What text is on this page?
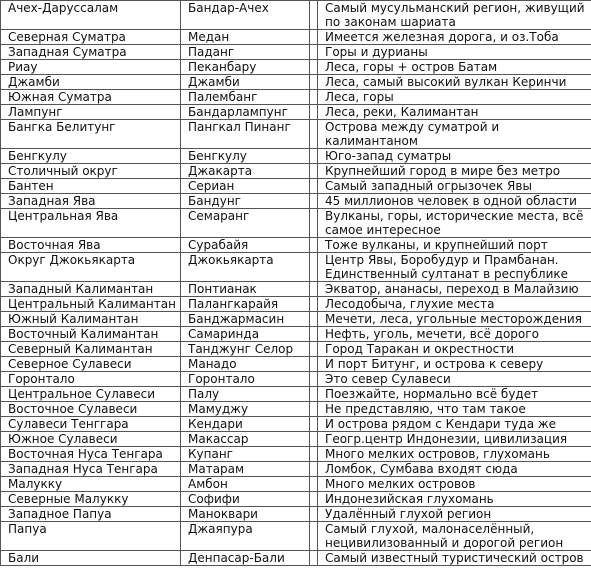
Ачех-Даруссалам	Бандар-Ачех		Самый мусульманский регион, живущий по законам шариата
Северная Суматра	Медан		Имеется железная дорога, и оз.Тоба
Западная Суматра	Паданг		Горы и дурианы
Риау	Пеканбару		Леса, горы + остров Батам
Джамби	Джамби		Леса, самый высокий вулкан Керинчи
Южная Суматра	Палембанг		Леса, горы
Лампунг	Бандарлампунг		Леса, реки, Калимантан
Бангка Белитунг	Пангкал Пинанг		Острова между суматрой и калимантаном
Бенгкулу	Бенгкулу		Юго-запад суматры
Столичный округ	Джакарта		Крупнейший город в мире без метро
Бантен	Сериан		Самый западный огрызочек Явы
Западная Ява	Бандунг		45 миллионов человек в одной области
Центральная Ява	Семаранг		Вулканы, горы, исторические места, всё самое интересное
Восточная Ява	Сурабайя		Тоже вулканы, и крупнейший порт
Округ Джокьякарта	Джокьякарта		Центр Явы, Боробудур и Прамбанан. Единственный султанат в республике
Западный Калимантан	Понтианак		Экватор, ананасы, переход в Малайзию
Центральный Калимантан	Палангкарайя		Лесодобыча, глухие места
Южный Калимантан	Банджармасин		Мечети, леса, угольные месторождения
Восточный Калимантан	Самаринда		Нефть, уголь, мечети, всё дорого
Северный Калимантан	Танджунг Селор		Город Таракан и окрестности
Северное Сулавеси	Манадо		И порт Битунг, и острова к северу
Горонтало	Горонтало		Это север Сулавеси
Центральное Сулавеси	Палу		Поезжайте, нормально всё будет
Восточное Сулавеси	Мамуджу		Не представляю, что там такое
Сулавеси Тенггара	Кендари		И острова рядом с Кендари туда же
Южное Сулавеси	Макассар		Геогр.центр Индонезии, цивилизация
Восточная Нуса Тенгара	Купанг		Много мелких островов, глухомань
Западная Нуса Тенгара	Матарам		Ломбок, Сумбава входят сюда
Малукку	Амбон		Много мелких островов
Северные Малукку	Софифи		Индонезийская глухомань
Западное Папуа	Маноквари		Удалённый глухой регион
Папуа	Джаяпура		Самый глухой, малонаселённый, нецивилизованный и дорогой регион
Бали	Денпасар-Бали		Самый известный туристический остров
